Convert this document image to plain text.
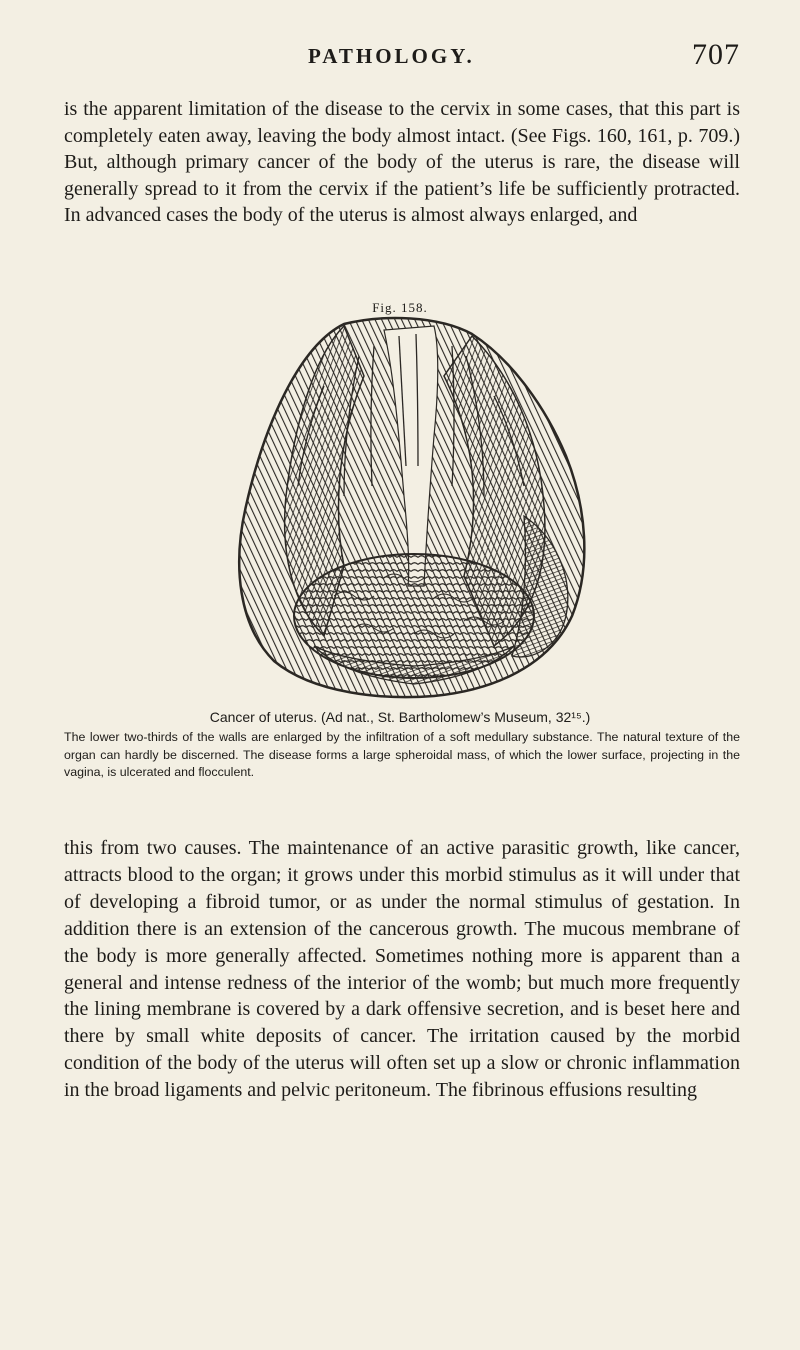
PATHOLOGY.	707

is the apparent limitation of the disease to the cervix in some cases, that this part is completely eaten away, leaving the body almost intact. (See Figs. 160, 161, p. 709.) But, although primary cancer of the body of the uterus is rare, the disease will generally spread to it from the cervix if the patient’s life be sufficiently protracted. In advanced cases the body of the uterus is almost always enlarged, and

Fig. 158.
Cancer of uterus. (Ad nat., St. Bartholomew’s Museum, 32¹⁵.)

The lower two-thirds of the walls are enlarged by the infiltration of a soft medullary substance. The natural texture of the organ can hardly be discerned. The disease forms a large spheroidal mass, of which the lower surface, projecting in the vagina, is ulcerated and flocculent.

this from two causes. The maintenance of an active parasitic growth, like cancer, attracts blood to the organ; it grows under this morbid stimulus as it will under that of developing a fibroid tumor, or as under the normal stimulus of gestation. In addition there is an extension of the cancerous growth. The mucous membrane of the body is more generally affected. Sometimes nothing more is apparent than a general and intense redness of the interior of the womb; but much more frequently the lining membrane is covered by a dark offensive secretion, and is beset here and there by small white deposits of cancer. The irritation caused by the morbid condition of the body of the uterus will often set up a slow or chronic inflammation in the broad ligaments and pelvic peritoneum. The fibrinous effusions resulting
